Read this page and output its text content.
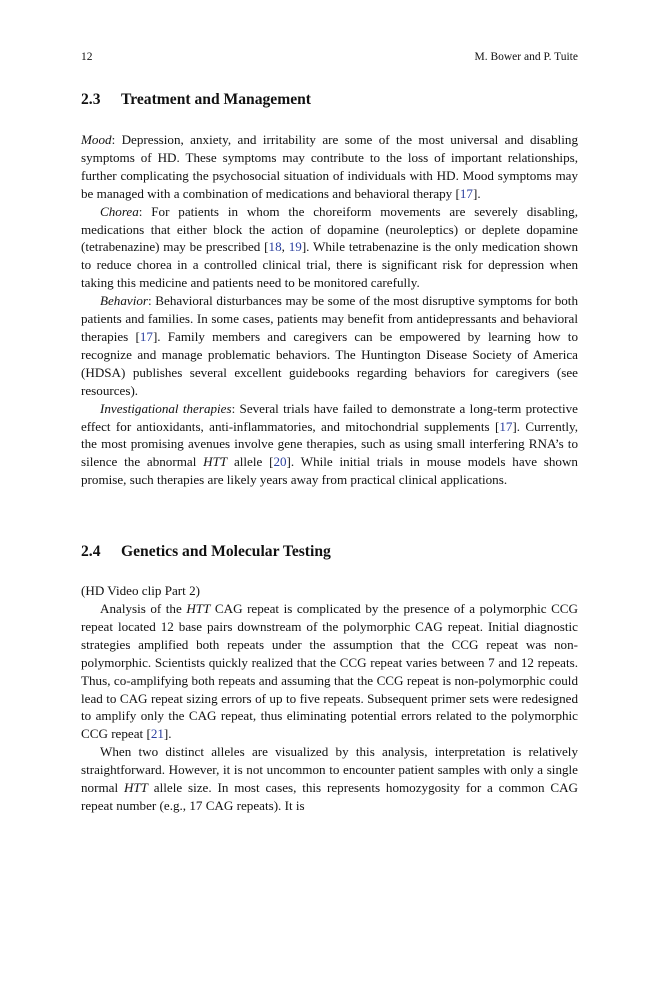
12	M. Bower and P. Tuite
2.3 Treatment and Management

Mood: Depression, anxiety, and irritability are some of the most universal and disabling symptoms of HD. These symptoms may contribute to the loss of important relationships, further complicating the psychosocial situation of individuals with HD. Mood symptoms may be managed with a combination of medications and behavioral therapy [17].

Chorea: For patients in whom the choreiform movements are severely disabling, medications that either block the action of dopamine (neuroleptics) or deplete dopamine (tetrabenazine) may be prescribed [18, 19]. While tetrabenazine is the only medication shown to reduce chorea in a controlled clinical trial, there is significant risk for depression when taking this medicine and patients need to be monitored carefully.

Behavior: Behavioral disturbances may be some of the most disruptive symptoms for both patients and families. In some cases, patients may benefit from antidepressants and behavioral therapies [17]. Family members and caregivers can be empowered by learning how to recognize and manage problematic behaviors. The Huntington Disease Society of America (HDSA) publishes several excellent guidebooks regarding behaviors for caregivers (see resources).

Investigational therapies: Several trials have failed to demonstrate a long-term protective effect for antioxidants, anti-inflammatories, and mitochondrial supplements [17]. Currently, the most promising avenues involve gene therapies, such as using small interfering RNA’s to silence the abnormal HTT allele [20]. While initial trials in mouse models have shown promise, such therapies are likely years away from practical clinical applications.

2.4 Genetics and Molecular Testing

(HD Video clip Part 2)

Analysis of the HTT CAG repeat is complicated by the presence of a polymorphic CCG repeat located 12 base pairs downstream of the polymorphic CAG repeat. Initial diagnostic strategies amplified both repeats under the assumption that the CCG repeat was non-polymorphic. Scientists quickly realized that the CCG repeat varies between 7 and 12 repeats. Thus, co-amplifying both repeats and assuming that the CCG repeat is non-polymorphic could lead to CAG repeat sizing errors of up to five repeats. Subsequent primer sets were redesigned to amplify only the CAG repeat, thus eliminating potential errors related to the polymorphic CCG repeat [21].

When two distinct alleles are visualized by this analysis, interpretation is relatively straightforward. However, it is not uncommon to encounter patient samples with only a single normal HTT allele size. In most cases, this represents homozygosity for a common CAG repeat number (e.g., 17 CAG repeats). It is
